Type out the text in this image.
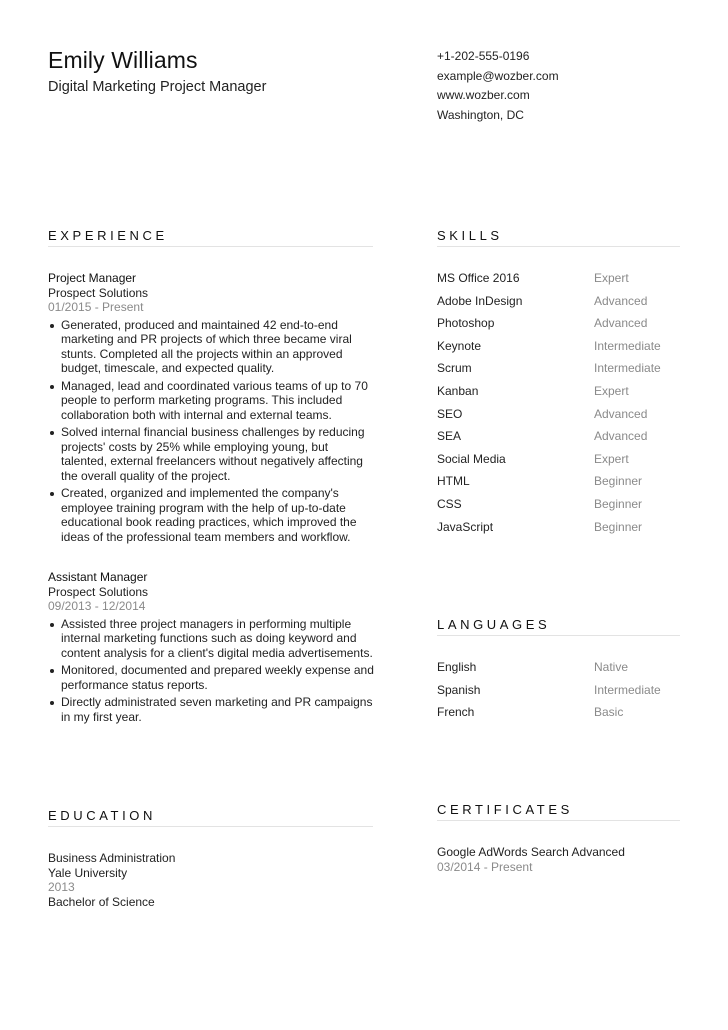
Emily Williams
Digital Marketing Project Manager
+1-202-555-0196
example@wozber.com
www.wozber.com
Washington, DC
EXPERIENCE
Project Manager
Prospect Solutions
01/2015 - Present
Generated, produced and maintained 42 end-to-end marketing and PR projects of which three became viral stunts. Completed all the projects within an approved budget, timescale, and expected quality.
Managed, lead and coordinated various teams of up to 70 people to perform marketing programs. This included collaboration both with internal and external teams.
Solved internal financial business challenges by reducing projects' costs by 25% while employing young, but talented, external freelancers without negatively affecting the overall quality of the project.
Created, organized and implemented the company's employee training program with the help of up-to-date educational book reading practices, which improved the ideas of the professional team members and workflow.
Assistant Manager
Prospect Solutions
09/2013 - 12/2014
Assisted three project managers in performing multiple internal marketing functions such as doing keyword and content analysis for a client's digital media advertisements.
Monitored, documented and prepared weekly expense and performance status reports.
Directly administrated seven marketing and PR campaigns in my first year.
SKILLS
MS Office 2016	Expert
Adobe InDesign	Advanced
Photoshop	Advanced
Keynote	Intermediate
Scrum	Intermediate
Kanban	Expert
SEO	Advanced
SEA	Advanced
Social Media	Expert
HTML	Beginner
CSS	Beginner
JavaScript	Beginner
LANGUAGES
English	Native
Spanish	Intermediate
French	Basic
EDUCATION
Business Administration
Yale University
2013
Bachelor of Science
CERTIFICATES
Google AdWords Search Advanced
03/2014 - Present
